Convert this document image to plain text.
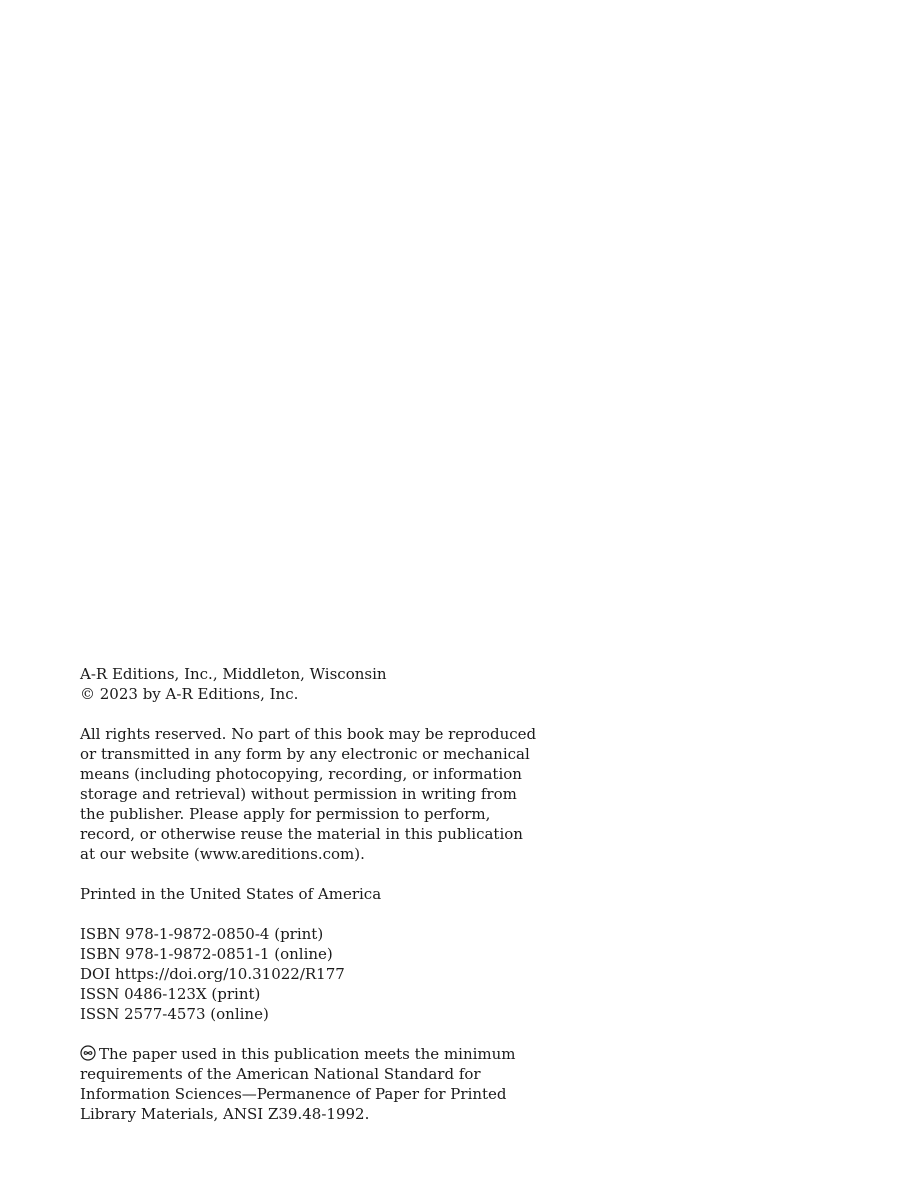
A-R Editions, Inc., Middleton, Wisconsin
© 2023 by A-R Editions, Inc.
All rights reserved. No part of this book may be reproduced
or transmitted in any form by any electronic or mechanical
means (including photocopying, recording, or information
storage and retrieval) without permission in writing from
the publisher. Please apply for permission to perform,
record, or otherwise reuse the material in this publication
at our website (www.areditions.com).
Printed in the United States of America
ISBN 978-1-9872-0850-4 (print)
ISBN 978-1-9872-0851-1 (online)
DOI https://doi.org/10.31022/R177
ISSN 0486-123X (print)
ISSN 2577-4573 (online)
The paper used in this publication meets the minimum
requirements of the American National Standard for
Information Sciences—Permanence of Paper for Printed
Library Materials, ANSI Z39.48-1992.
